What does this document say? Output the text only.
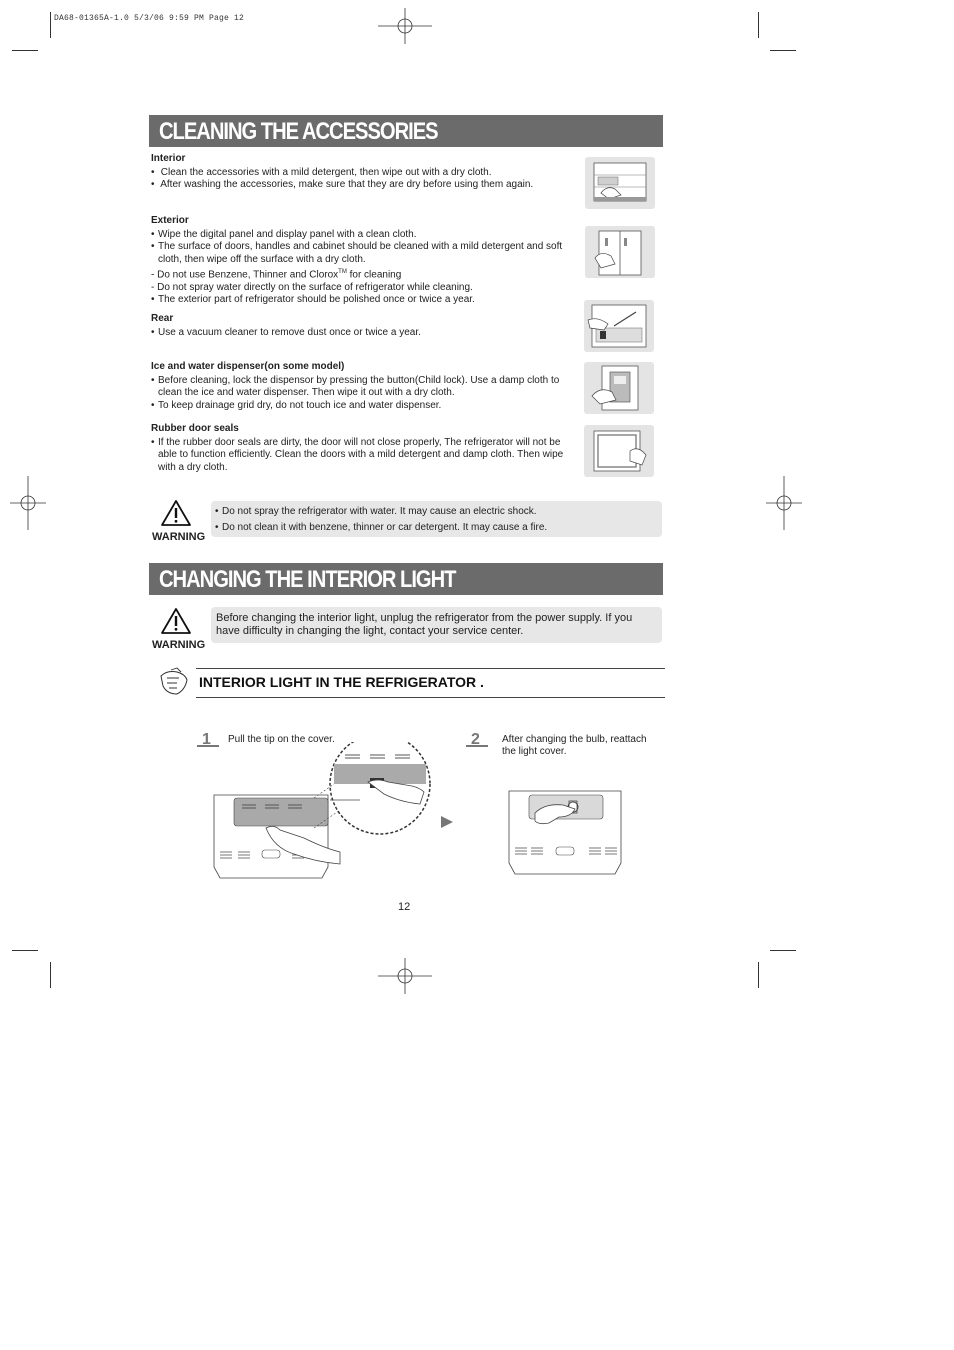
DA68-01365A-1.0 5/3/06 9:59 PM Page 12
CLEANING THE ACCESSORIES
Interior

• Clean the accessories with a mild detergent, then wipe out with a dry cloth.

• After washing the accessories, make sure that they are dry before using them again.

Exterior

• Wipe the digital panel and display panel with a clean cloth.

• The surface of doors, handles and cabinet should be cleaned with a mild detergent and soft

cloth, then wipe off the surface with a dry cloth.

- Do not use Benzene, Thinner and Clorox™ for cleaning

- Do not spray water directly on the surface of refrigerator while cleaning.

• The exterior part of refrigerator should be polished once or twice a year.

Rear

• Use a vacuum cleaner to remove dust once or twice a year.

Ice and water dispenser(on some model)

• Before cleaning, lock the dispensor by pressing the button(Child lock). Use a damp cloth to

clean the ice and water dispenser. Then wipe it out with a dry cloth.

• To keep drainage grid dry, do not touch ice and water dispenser.

Rubber door seals

• If the rubber door seals are dirty, the door will not close properly, The refrigerator will not be

able to function efficiently. Clean the doors with a mild detergent and damp cloth. Then wipe

with a dry cloth.

WARNING

• Do not spray the refrigerator with water. It may cause an electric shock.

• Do not clean it with benzene, thinner or car detergent. It may cause a fire.

CHANGING THE INTERIOR LIGHT
WARNING

Before changing the interior light, unplug the refrigerator from the power supply. If you have difficulty in changing the light, contact your service center.

INTERIOR LIGHT IN THE REFRIGERATOR .
1 Pull the tip on the cover.	2 After changing the bulb, reattach the light cover.
12
